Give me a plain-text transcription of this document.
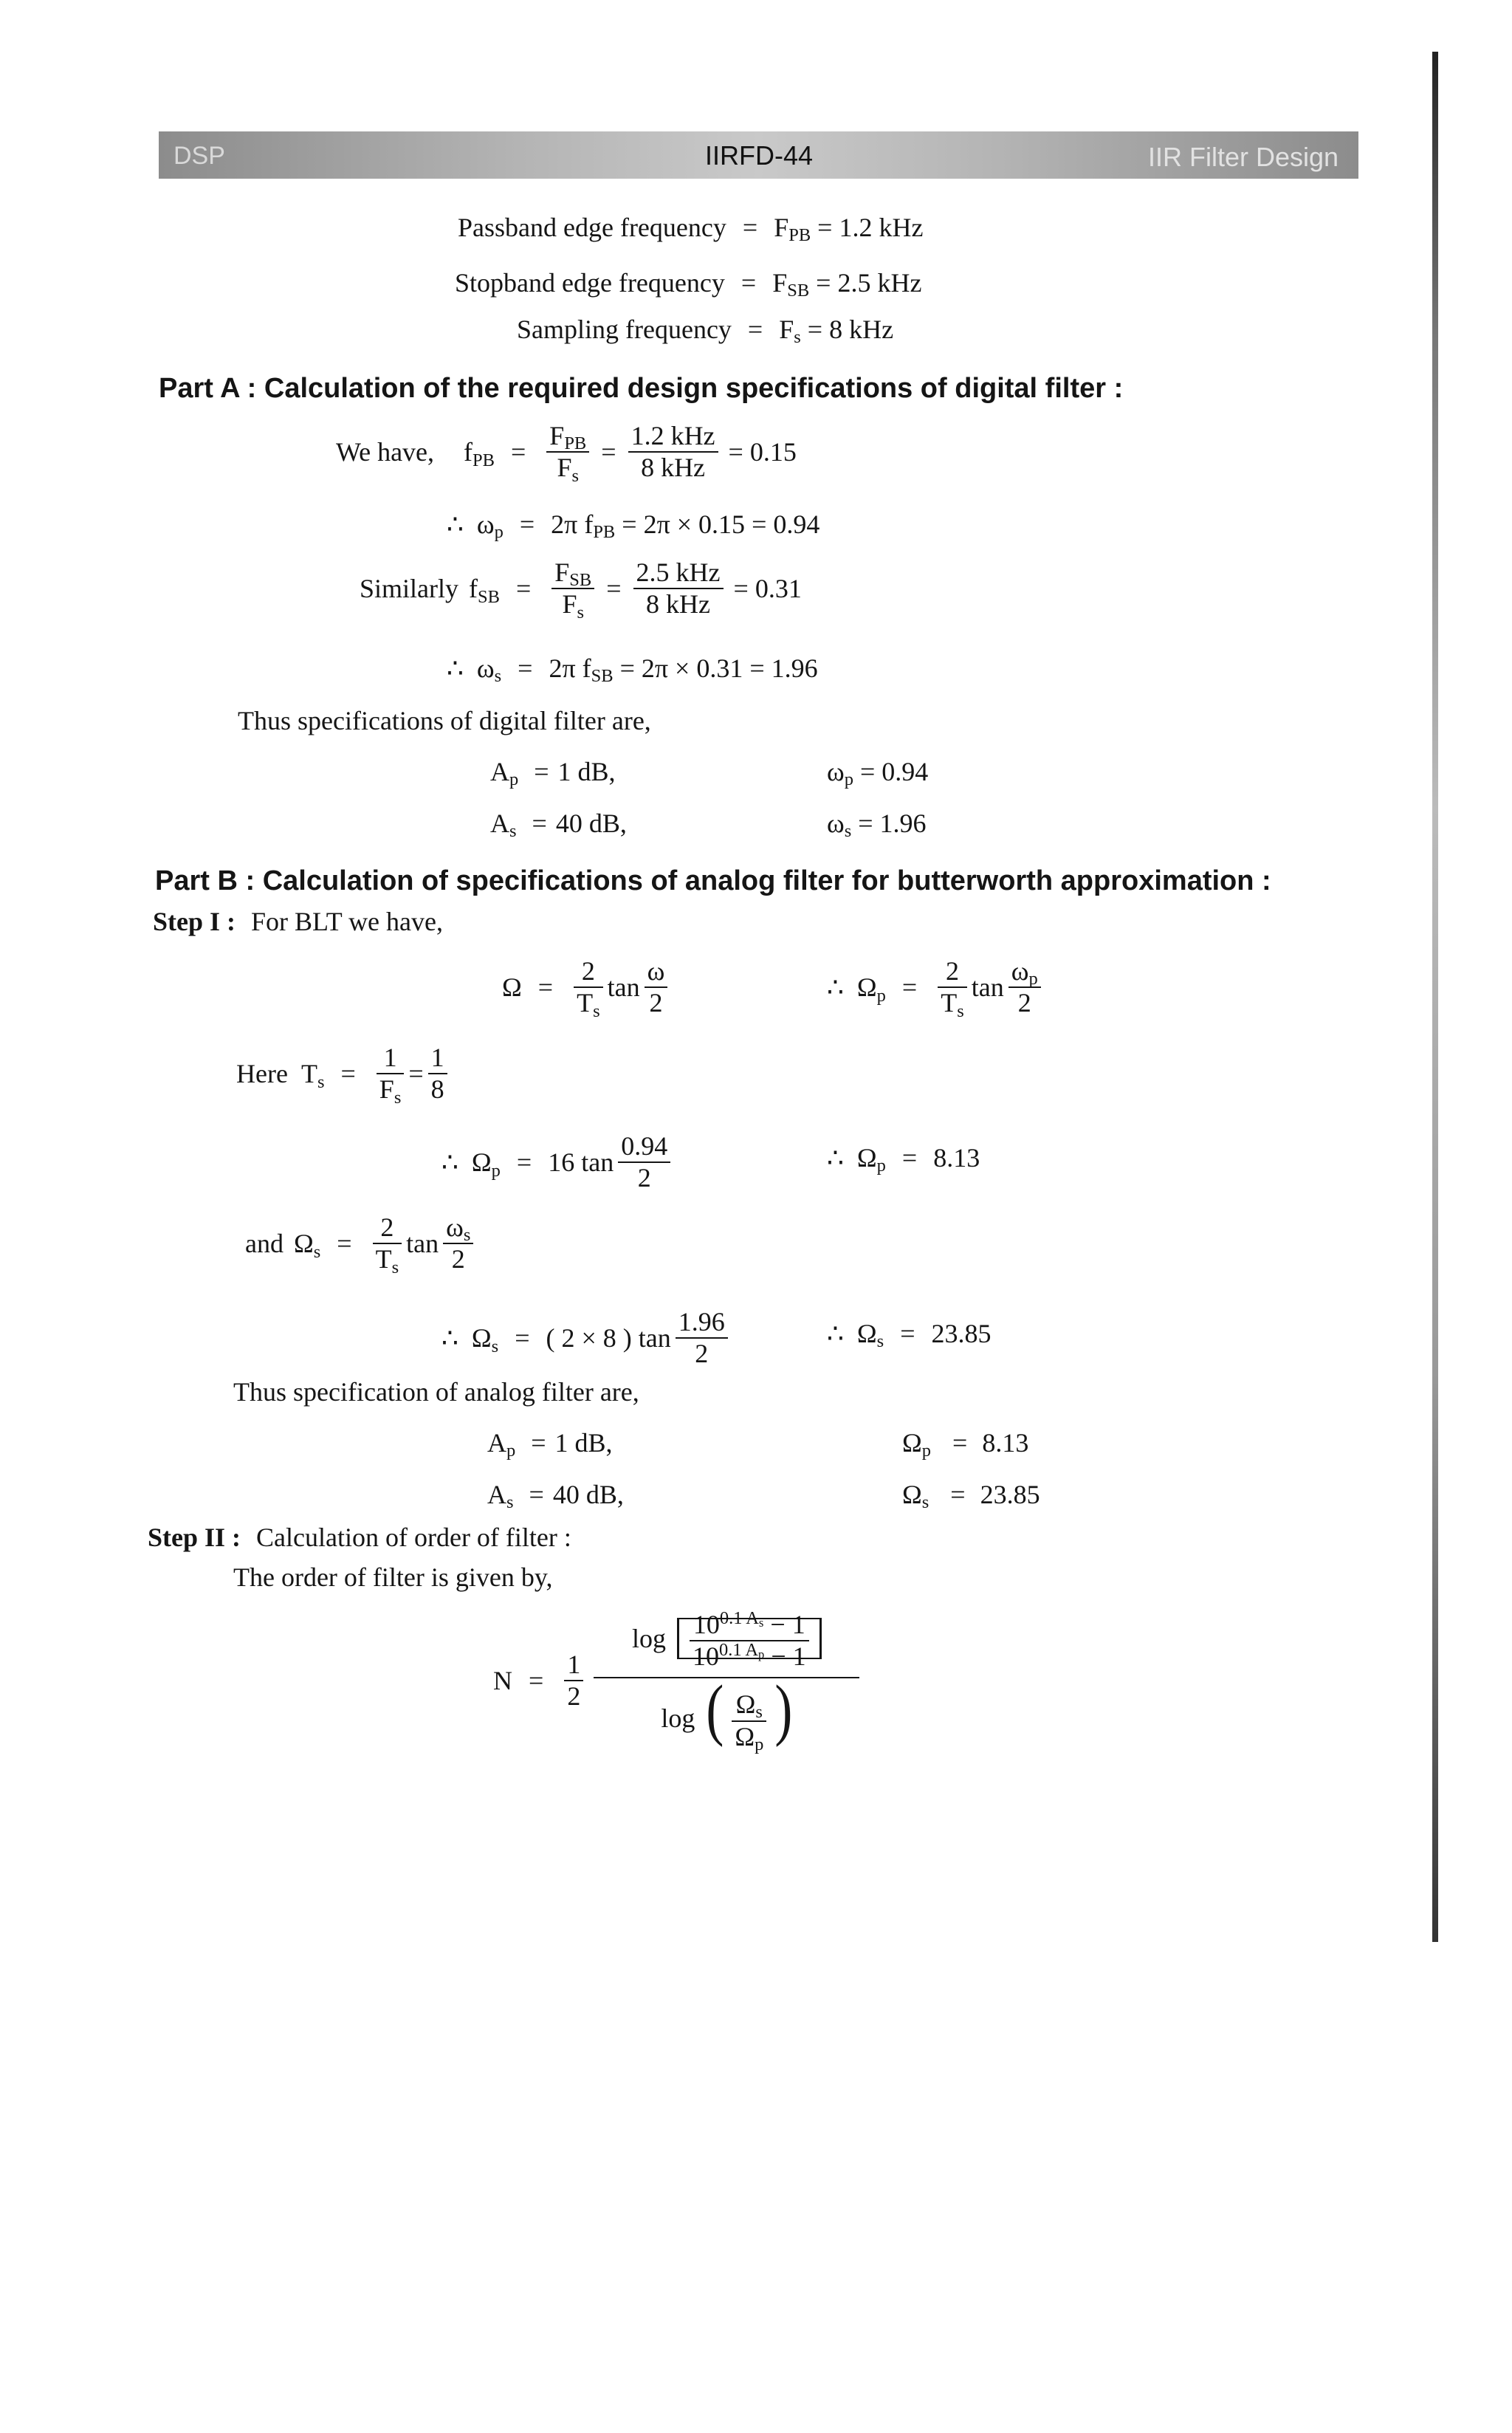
DSP	IIRFD-44	IIR Filter Design
Passband edge frequency = $F_{PB} = 1.2$ kHz
Stopband edge frequency = $F_{SB} = 2.5$ kHz
Sampling frequency = $F_s = 8$ kHz
Part A : Calculation of the required design specifications of digital filter :
We have, $f_{PB} = \frac{F_{PB}}{F_s} = \frac{\text{1.2 kHz}}{\text{8 kHz}} = 0.15$
∴  $\omega_p = 2\pi$ $f_{PB} = 2\pi \times 0.15 = 0.94$
Similarly $f_{SB} = \frac{F_{SB}}{F_s} = \frac{\text{2.5 kHz}}{\text{8 kHz}} = 0.31$
∴  $\omega_s = 2\pi$ $f_{SB} = 2\pi \times 0.31 = 1.96$
Thus specifications of digital filter are,
$A_p = 1$ dB,	$\omega_p = 0.94$
$A_s = 40$ dB,	$\omega_s = 1.96$
Part B : Calculation of specifications of analog filter for butterworth approximation :
Step I : For BLT we have,
$\Omega = \frac{2}{T_s}$ $\tan \frac{\omega}{2}$	∴  $\Omega_p = \frac{2}{T_s}$ $\tan \frac{\omega_p}{2}$
Here $T_s = \frac{1}{F_s} = \frac{1}{8}$
∴  $\Omega_p = 16$ $\tan \frac{0.94}{2}$	∴  $\Omega_p = 8.13$
and $\Omega_s = \frac{2}{T_s}$ $\tan \frac{\omega_s}{2}$
∴  $\Omega_s$ = ( 2 × 8 ) $\tan \frac{1.96}{2}$	∴  $\Omega_s = 23.85$
Thus specification of analog filter are,
$A_p = 1$ dB,	$\Omega_p = 8.13$
$A_s = 40$ dB,	$\Omega_s = 23.85$
Step II : Calculation of order of filter :
The order of filter is given by,
$N = \frac{1}{2}$
$\log \frac{10^{0.1 A_s} - 1}{10^{0.1 A_p} - 1}$
log ( $\frac{\Omega_s}{\Omega_p}$ )
